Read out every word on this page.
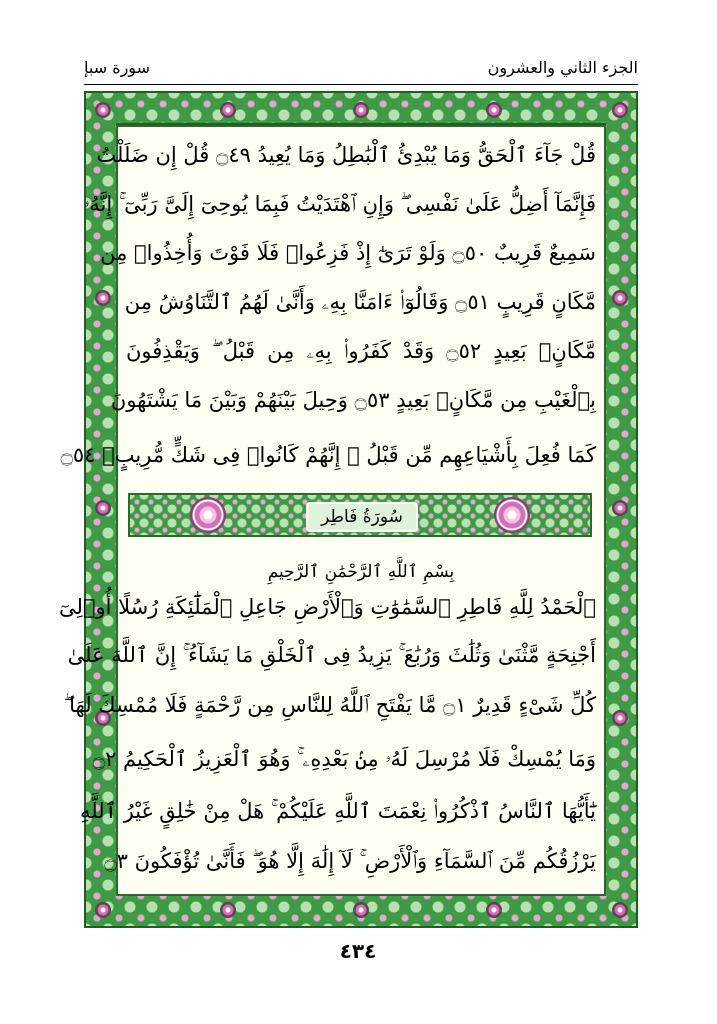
الجزء الثاني والعشرون
سورة سبإ
قُلْ جَآءَ ٱلْحَقُّ وَمَا يُبْدِئُ ٱلْبَٰطِلُ وَمَا يُعِيدُ ۝٤٩ قُلْ إِن ضَلَلْتُ
فَإِنَّمَآ أَضِلُّ عَلَىٰ نَفْسِى ۖ وَإِنِ ٱهْتَدَيْتُ فَبِمَا يُوحِىٓ إِلَىَّ رَبِّىٓ ۚ إِنَّهُۥ
سَمِيعٌ قَرِيبٌ ۝٥٠ وَلَوْ تَرَىٰٓ إِذْ فَزِعُوا۟ فَلَا فَوْتَ وَأُخِذُوا۟ مِن
مَّكَانٍ قَرِيبٍ ۝٥١ وَقَالُوٓا۟ ءَامَنَّا بِهِۦ وَأَنَّىٰ لَهُمُ ٱلتَّنَاوُشُ مِن
مَّكَانٍۭ بَعِيدٍ ۝٥٢ وَقَدْ كَفَرُوا۟ بِهِۦ مِن قَبْلُ ۖ وَيَقْذِفُونَ
بِٱلْغَيْبِ مِن مَّكَانٍۭ بَعِيدٍ ۝٥٣ وَحِيلَ بَيْنَهُمْ وَبَيْنَ مَا يَشْتَهُونَ
كَمَا فُعِلَ بِأَشْيَاعِهِم مِّن قَبْلُ ۚ إِنَّهُمْ كَانُوا۟ فِى شَكٍّ مُّرِيبٍۭ ۝٥٤
سُورَةُ فَاطِر
بِسْمِ ٱللَّهِ ٱلرَّحْمَٰنِ ٱلرَّحِيمِ
ٱلْحَمْدُ لِلَّهِ فَاطِرِ ٱلسَّمَٰوَٰتِ وَٱلْأَرْضِ جَاعِلِ ٱلْمَلَٰٓئِكَةِ رُسُلًا أُو۟لِىٓ
أَجْنِحَةٍ مَّثْنَىٰ وَثُلَٰثَ وَرُبَٰعَ ۚ يَزِيدُ فِى ٱلْخَلْقِ مَا يَشَآءُ ۚ إِنَّ ٱللَّهَ عَلَىٰ
كُلِّ شَىْءٍ قَدِيرٌ ۝١ مَّا يَفْتَحِ ٱللَّهُ لِلنَّاسِ مِن رَّحْمَةٍ فَلَا مُمْسِكَ لَهَا ۖ
وَمَا يُمْسِكْ فَلَا مُرْسِلَ لَهُۥ مِنۢ بَعْدِهِۦ ۚ وَهُوَ ٱلْعَزِيزُ ٱلْحَكِيمُ ۝٢
يَٰٓأَيُّهَا ٱلنَّاسُ ٱذْكُرُوا۟ نِعْمَتَ ٱللَّهِ عَلَيْكُمْ ۚ هَلْ مِنْ خَٰلِقٍ غَيْرُ ٱللَّهِ
يَرْزُقُكُم مِّنَ ٱلسَّمَآءِ وَٱلْأَرْضِ ۚ لَآ إِلَٰهَ إِلَّا هُوَ ۖ فَأَنَّىٰ تُؤْفَكُونَ ۝٣
٤٣٤
